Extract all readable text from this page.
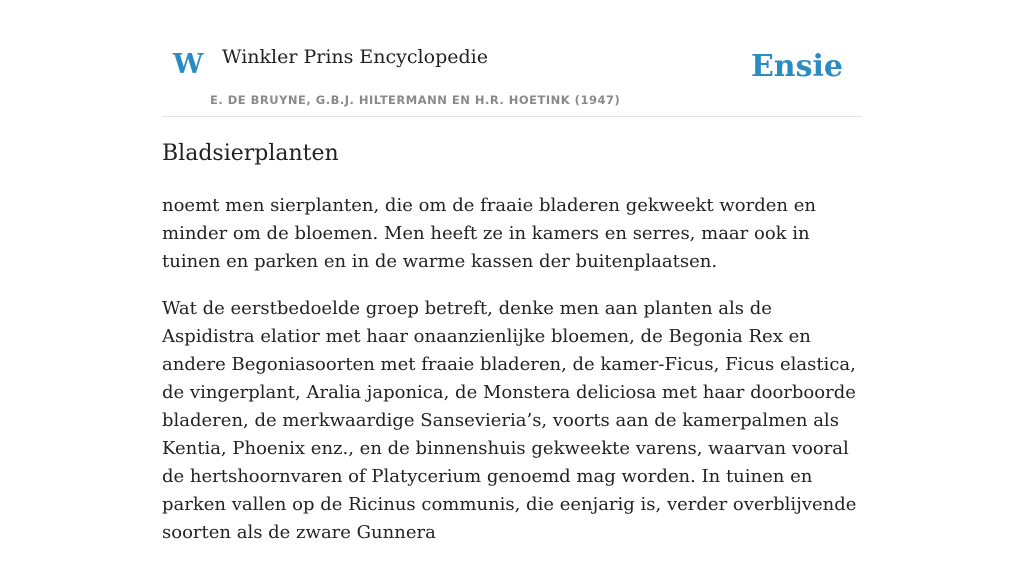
W Winkler Prins Encyclopedie
E. DE BRUYNE, G.B.J. HILTERMANN EN H.R. HOETINK (1947)
Ensie
Bladsierplanten

noemt men sierplanten, die om de fraaie bladeren gekweekt worden en minder om de bloemen. Men heeft ze in kamers en serres, maar ook in tuinen en parken en in de warme kassen der buitenplaatsen.

Wat de eerstbedoelde groep betreft, denke men aan planten als de Aspidistra elatior met haar onaanzienlijke bloemen, de Begonia Rex en andere Begoniasoorten met fraaie bladeren, de kamer-Ficus, Ficus elastica, de vingerplant, Aralia japonica, de Monstera deliciosa met haar doorboorde bladeren, de merkwaardige Sansevieria’s, voorts aan de kamerpalmen als Kentia, Phoenix enz., en de binnenshuis gekweekte varens, waarvan vooral de hertshoornvaren of Platycerium genoemd mag worden. In tuinen en parken vallen op de Ricinus communis, die eenjarig is, verder overblijvende soorten als de zware Gunnera
